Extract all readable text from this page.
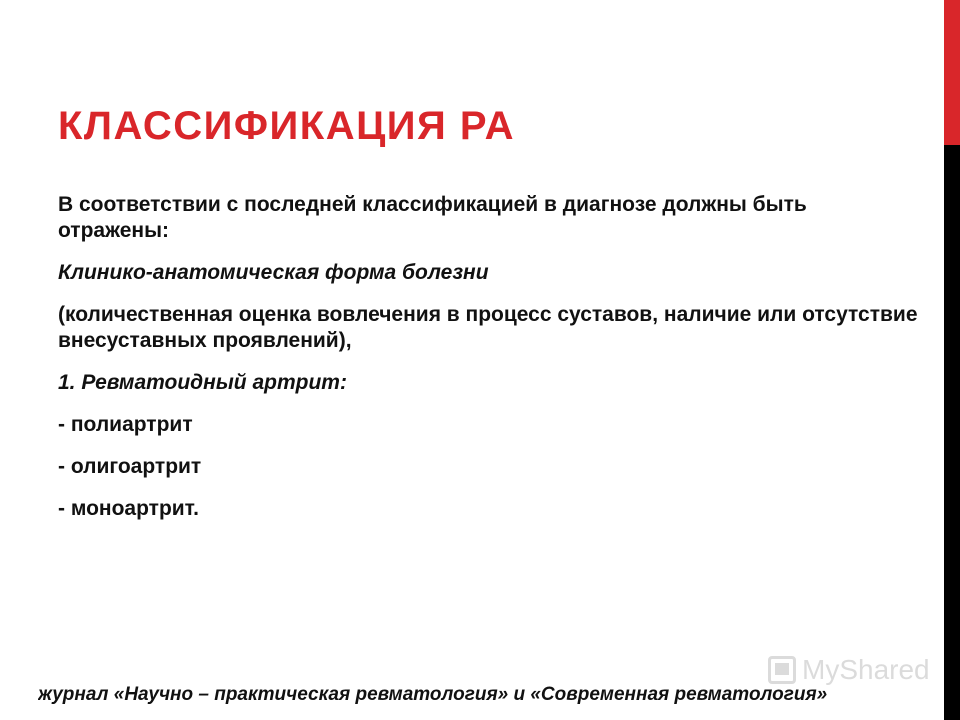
КЛАССИФИКАЦИЯ РА

В соответствии с последней классификацией в диагнозе должны быть отражены:

Клинико-анатомическая форма болезни

(количественная оценка вовлечения в процесс суставов, наличие или отсутствие внесуставных проявлений),

1. Ревматоидный артрит:

- полиартрит

- олигоартрит

- моноартрит.

MyShared
журнал «Научно – практическая ревматология» и «Современная ревматология»
